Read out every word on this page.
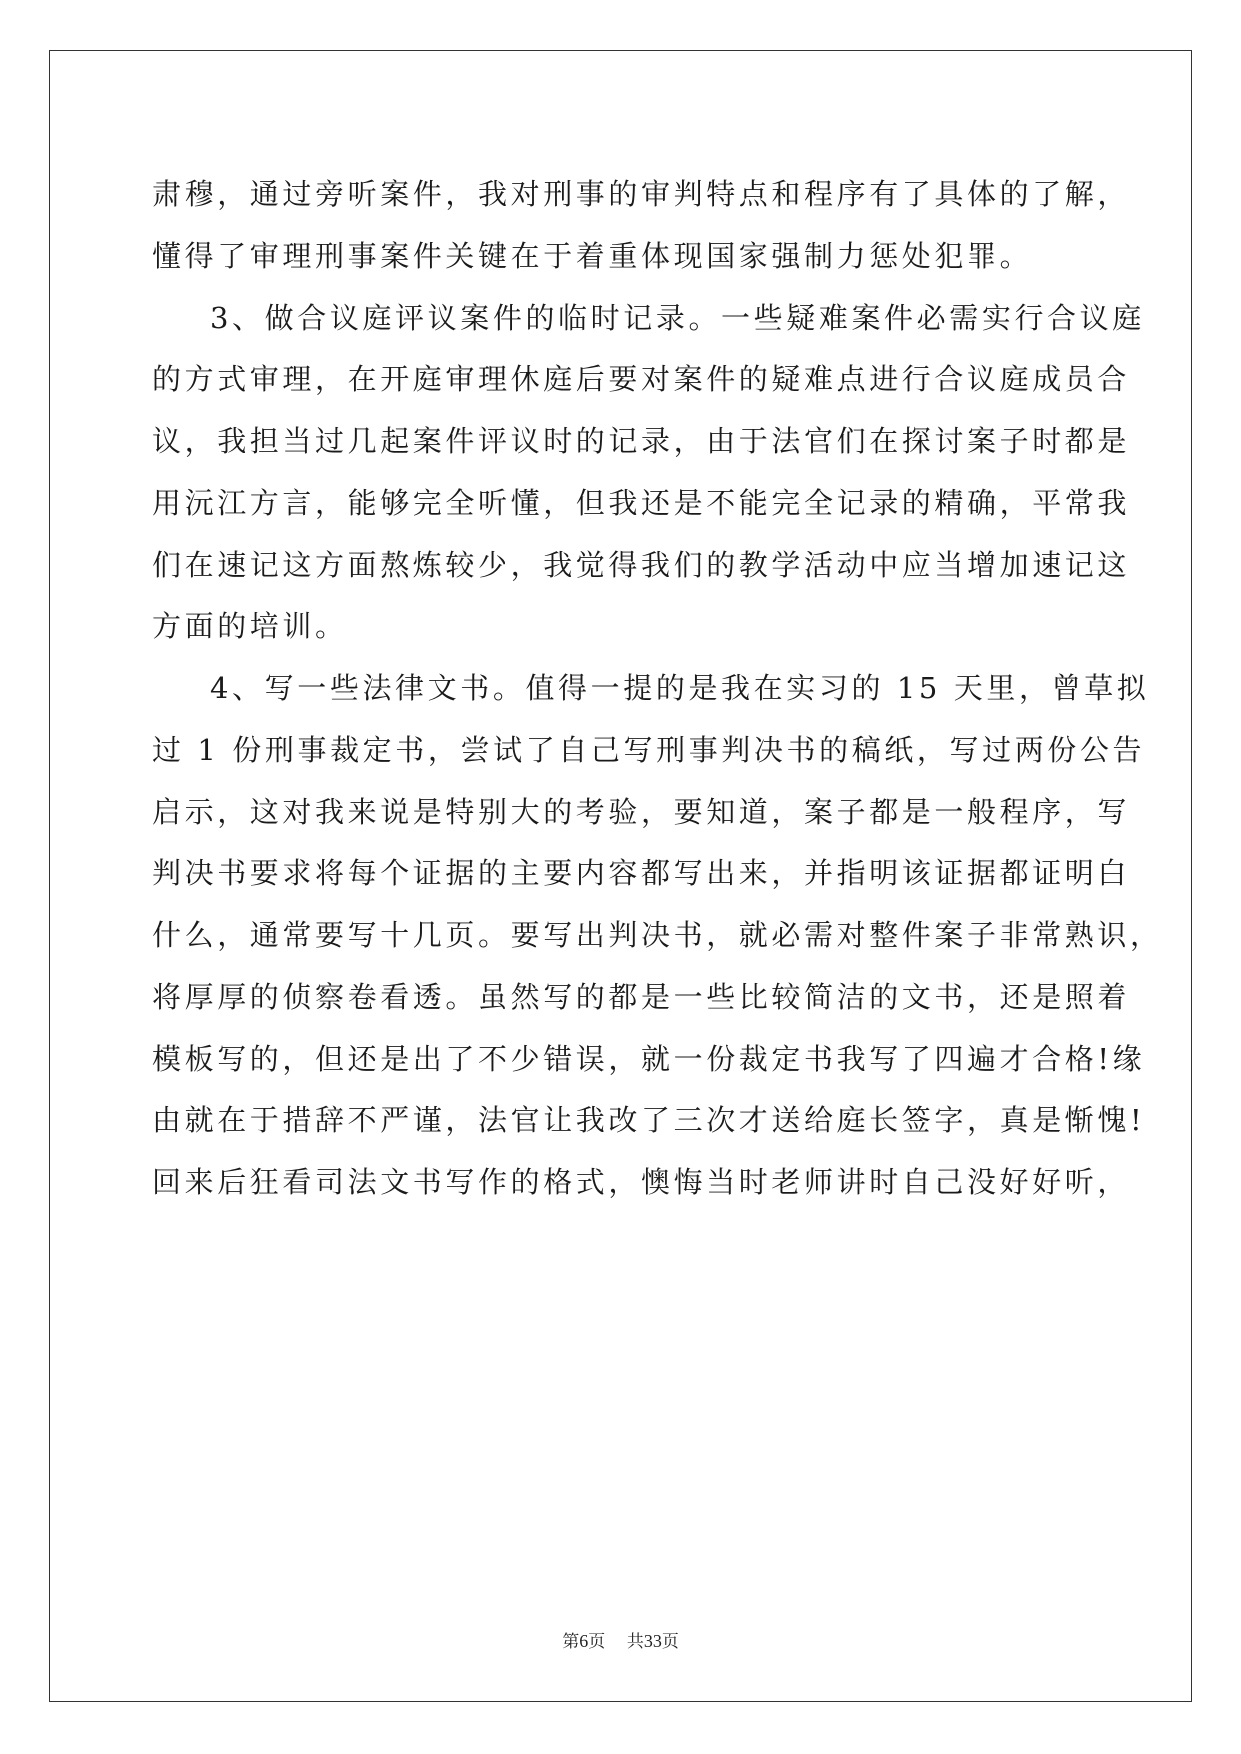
肃穆，通过旁听案件，我对刑事的审判特点和程序有了具体的了解，
懂得了审理刑事案件关键在于着重体现国家强制力惩处犯罪。
3、做合议庭评议案件的临时记录。一些疑难案件必需实行合议庭
的方式审理，在开庭审理休庭后要对案件的疑难点进行合议庭成员合
议，我担当过几起案件评议时的记录，由于法官们在探讨案子时都是
用沅江方言，能够完全听懂，但我还是不能完全记录的精确，平常我
们在速记这方面熬炼较少，我觉得我们的教学活动中应当增加速记这
方面的培训。
4、写一些法律文书。值得一提的是我在实习的 15 天里，曾草拟
过 1 份刑事裁定书，尝试了自己写刑事判决书的稿纸，写过两份公告
启示，这对我来说是特别大的考验，要知道，案子都是一般程序，写
判决书要求将每个证据的主要内容都写出来，并指明该证据都证明白
什么，通常要写十几页。要写出判决书，就必需对整件案子非常熟识，
将厚厚的侦察卷看透。虽然写的都是一些比较简洁的文书，还是照着
模板写的，但还是出了不少错误，就一份裁定书我写了四遍才合格!缘
由就在于措辞不严谨，法官让我改了三次才送给庭长签字，真是惭愧!
回来后狂看司法文书写作的格式，懊悔当时老师讲时自己没好好听，
第6页 共33页
